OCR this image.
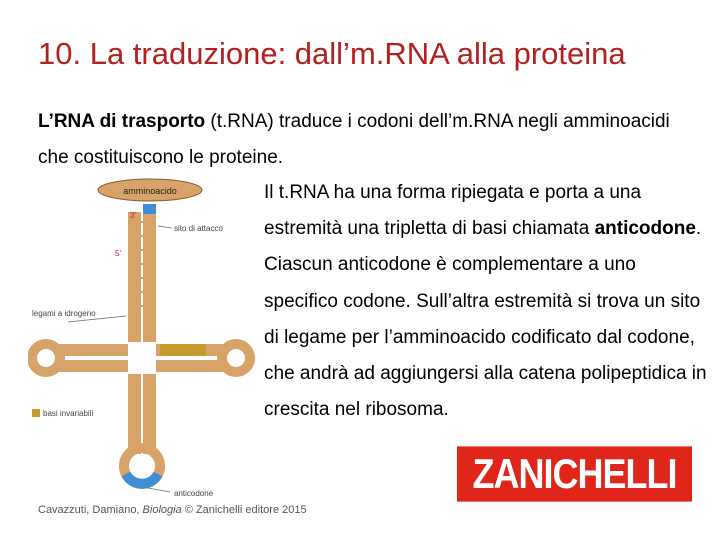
10. La traduzione: dall’m.RNA alla proteina
L’RNA di trasporto (t.RNA) traduce i codoni dell’m.RNA negli amminoacidi che costituiscono le proteine.
amminoacido
3'
5'
sito di attacco
legami a idrogeno
basi invariabili
anticodone
Il t.RNA ha una forma ripiegata e porta a una estremità una tripletta di basi chiamata anticodone. Ciascun anticodone è complementare a uno specifico codone. Sull’altra estremità si trova un sito di legame per l’amminoacido codificato dal codone, che andrà ad aggiungersi alla catena polipeptidica in crescita nel ribosoma.
ZANICHELLI
Cavazzuti, Damiano, Biologia © Zanichelli editore 2015
